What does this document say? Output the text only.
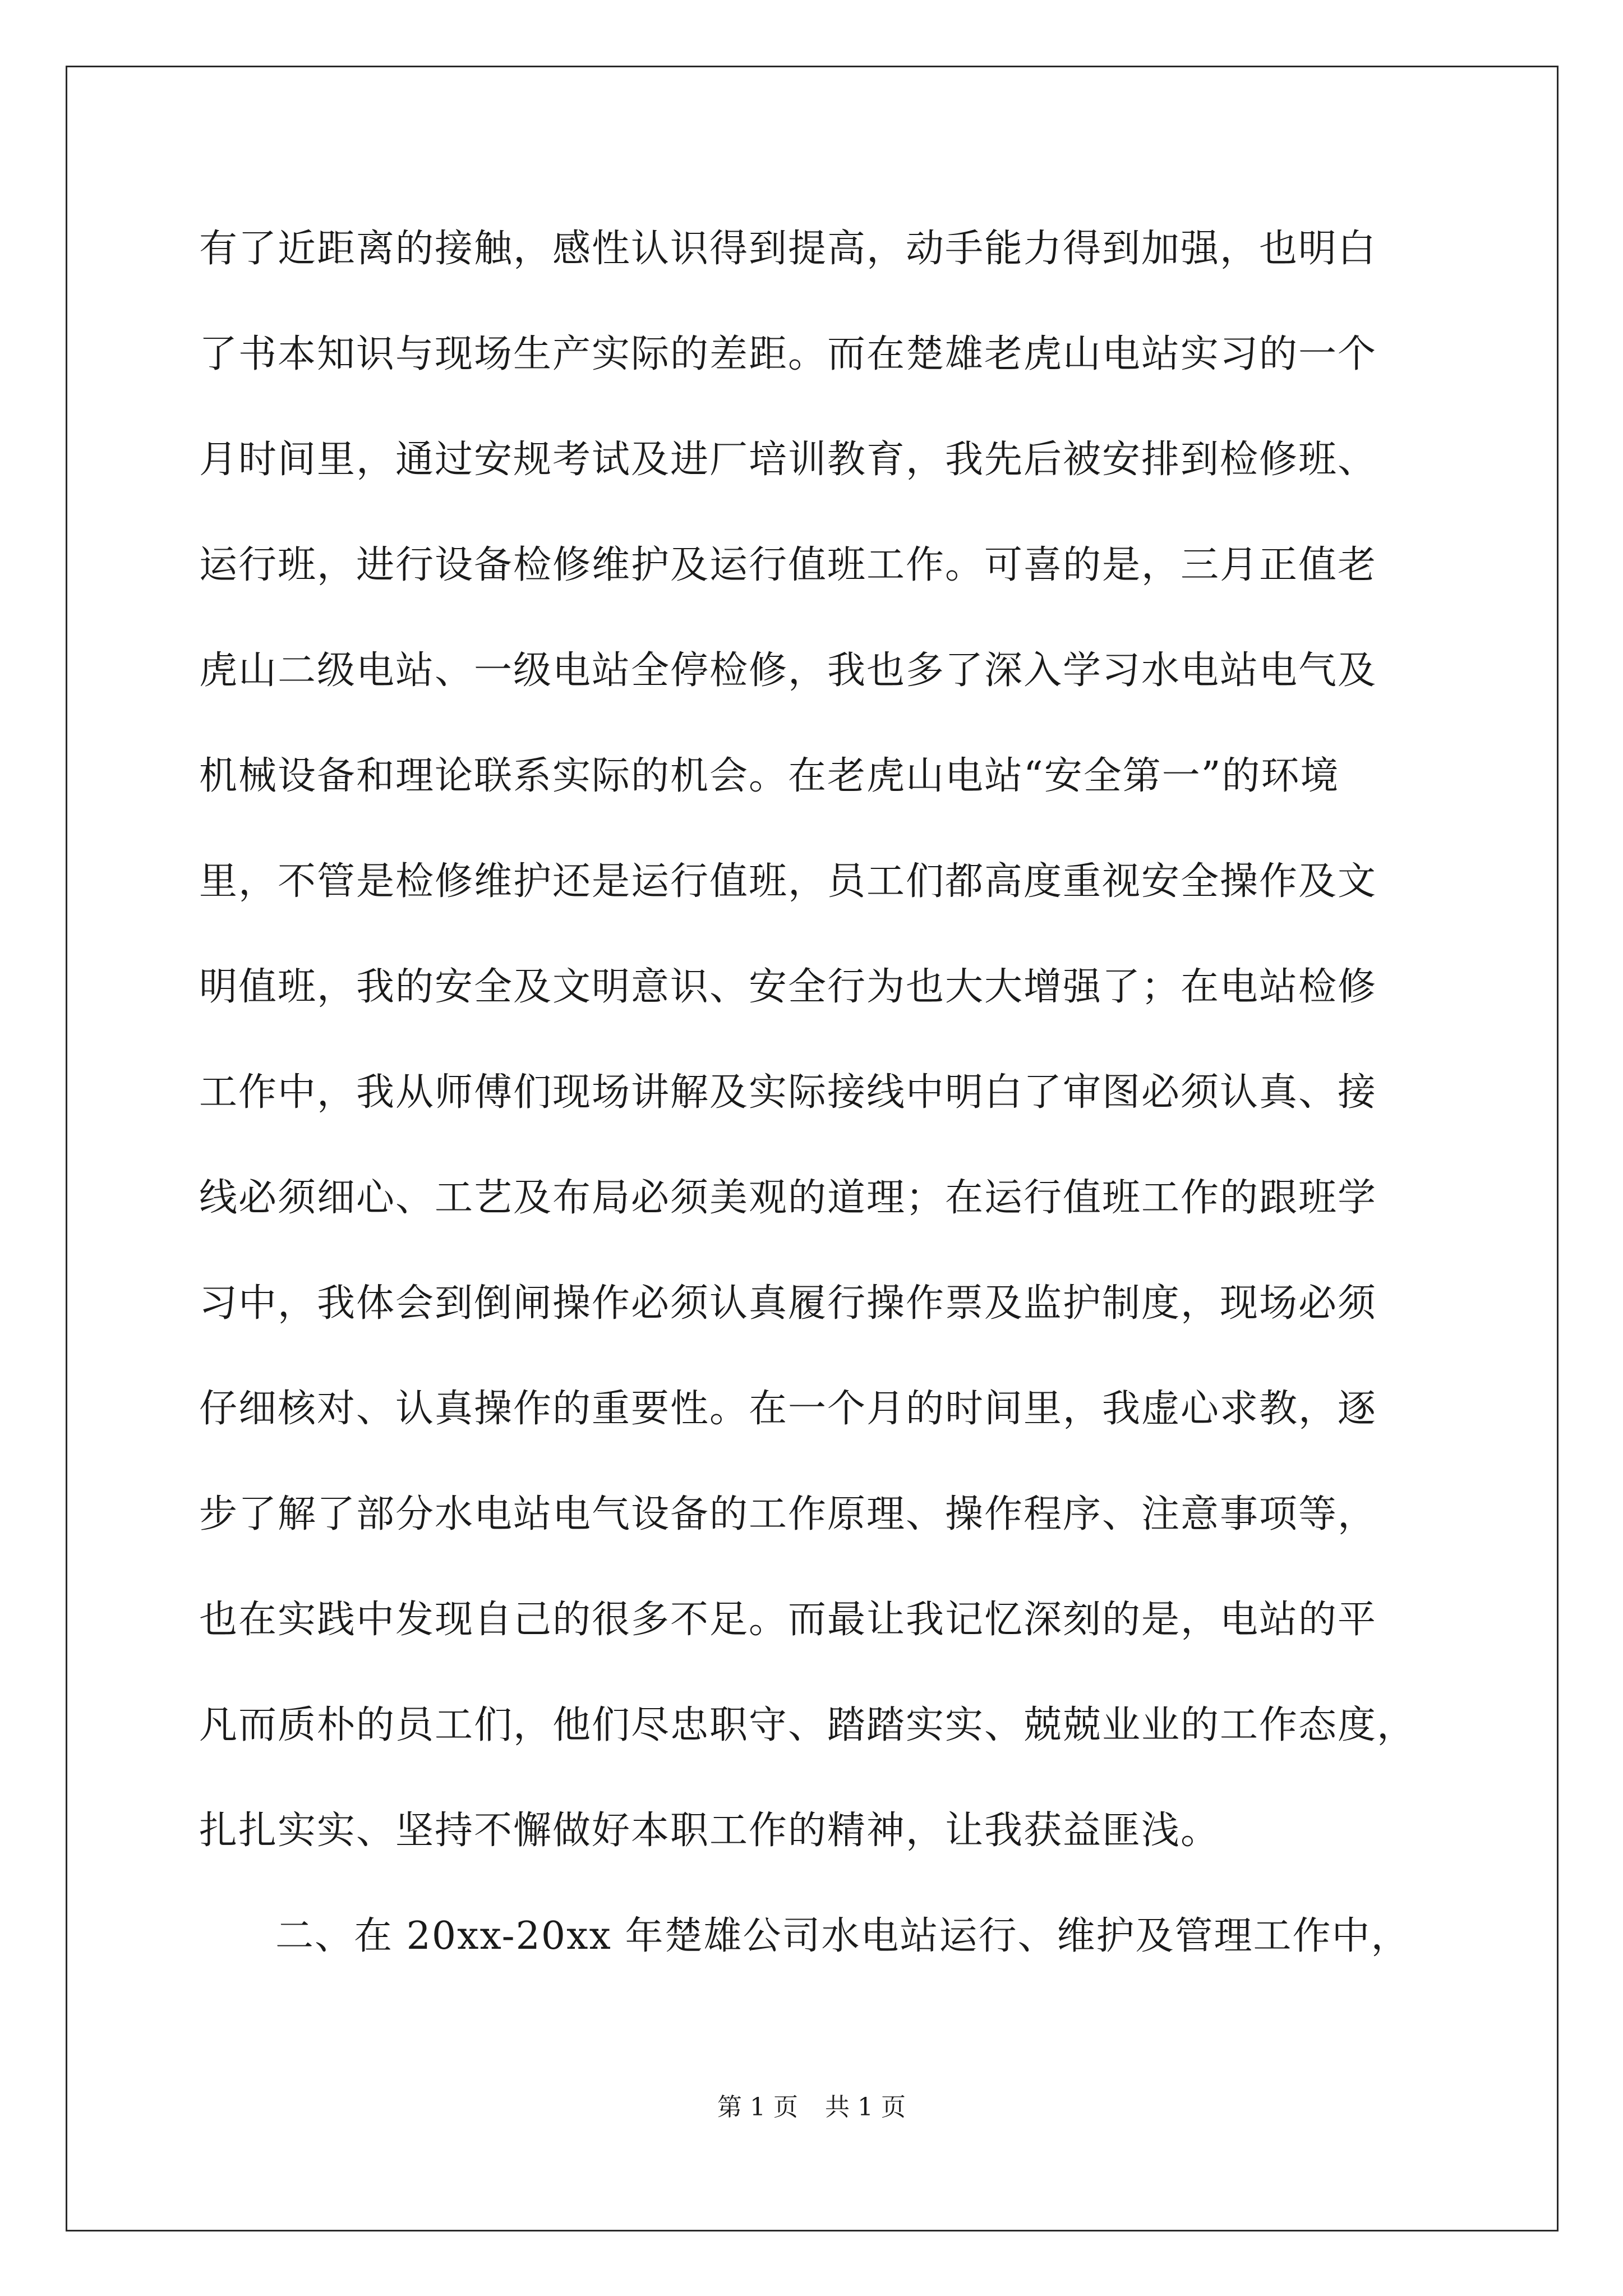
有了近距离的接触，感性认识得到提高，动手能力得到加强，也明白
了书本知识与现场生产实际的差距。而在楚雄老虎山电站实习的一个
月时间里，通过安规考试及进厂培训教育，我先后被安排到检修班、
运行班，进行设备检修维护及运行值班工作。可喜的是，三月正值老
虎山二级电站、一级电站全停检修，我也多了深入学习水电站电气及
机械设备和理论联系实际的机会。在老虎山电站“安全第一”的环境
里，不管是检修维护还是运行值班，员工们都高度重视安全操作及文
明值班，我的安全及文明意识、安全行为也大大增强了；在电站检修
工作中，我从师傅们现场讲解及实际接线中明白了审图必须认真、接
线必须细心、工艺及布局必须美观的道理；在运行值班工作的跟班学
习中，我体会到倒闸操作必须认真履行操作票及监护制度，现场必须
仔细核对、认真操作的重要性。在一个月的时间里，我虚心求教，逐
步了解了部分水电站电气设备的工作原理、操作程序、注意事项等，
也在实践中发现自己的很多不足。而最让我记忆深刻的是，电站的平
凡而质朴的员工们，他们尽忠职守、踏踏实实、兢兢业业的工作态度，
扎扎实实、坚持不懈做好本职工作的精神，让我获益匪浅。
二、在 20xx-20xx 年楚雄公司水电站运行、维护及管理工作中，
第 1 页 共 1 页
